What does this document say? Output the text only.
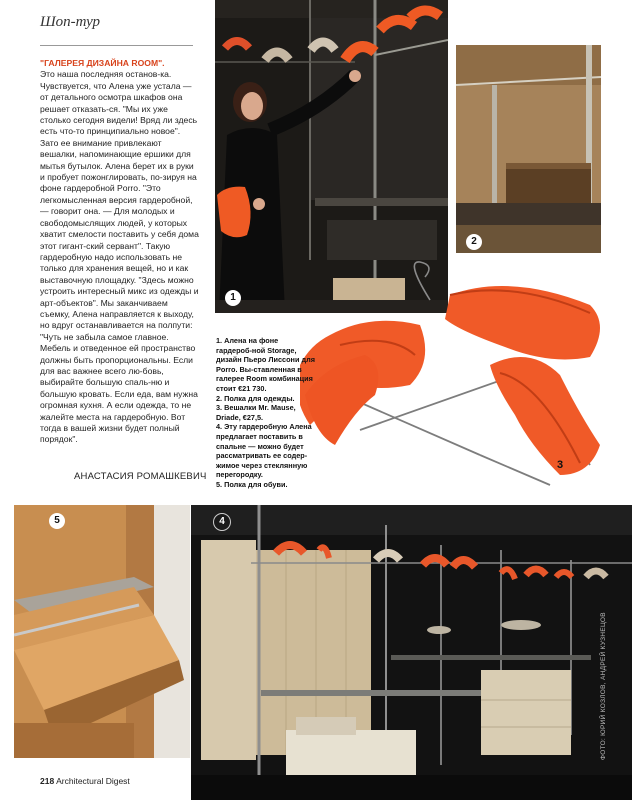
Шоп-тур
"ГАЛЕРЕЯ ДИЗАЙНА ROOM".
Это наша последняя останов-ка. Чувствуется, что Алена уже устала — от детального осмотра шкафов она решает отказать-ся. "Мы их уже столько сегодня видели! Вряд ли здесь есть что-то принципиально новое". Зато ее внимание привлекают вешалки, напоминающие ершики для мытья бутылок. Алена берет их в руки и пробует пожонглировать, по-зируя на фоне гардеробной Porro. "Это легкомысленная версия гардеробной, — говорит она. — Для молодых и свободомыслящих людей, у которых хватит смелости поставить у себя дома этот гигант-ский сервант". Такую гардеробную надо использовать не только для хранения вещей, но и как выставочную площадку. "Здесь можно устроить интересный микс из одежды и арт-объектов". Мы заканчиваем съемку, Алена направляется к выходу, но вдруг останавливается на полпути: "Чуть не забыла самое главное. Мебель и отведенное ей пространство должны быть пропорциональны. Если для вас важнее всего лю-бовь, выбирайте большую спаль-ню и большую кровать. Если еда, вам нужна огромная кухня. А если одежда, то не жалейте места на гардеробную. Вот тогда в вашей жизни будет полный порядок".
АНАСТАСИЯ РОМАШКЕВИЧ
1
2
3
1. Алена на фоне гардероб-ной Storage, дизайн Пьеро Лиссони для Porro. Вы-ставленная в галерее Room комбинация стоит €21 730.
2. Полка для одежды.
3. Вешалки Mr. Mause, Driade, €27,5.
4. Эту гардеробную Алена предлагает поставить в спальне — можно будет рассматривать ее содер-жимое через стеклянную перегородку.
5. Полка для обуви.
5	4
ФОТО: ЮРИЙ КОЗЛОВ, АНДРЕЙ КУЗНЕЦОВ
218 Architectural Digest
